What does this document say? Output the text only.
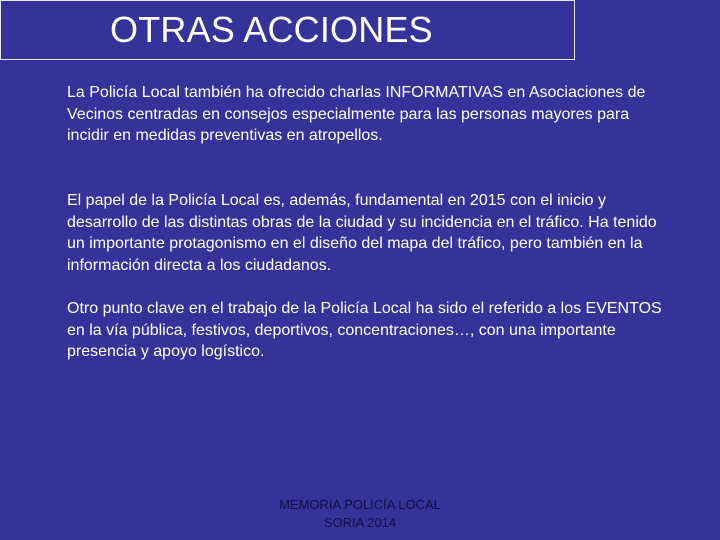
OTRAS ACCIONES

La Policía Local también ha ofrecido charlas INFORMATIVAS en Asociaciones de Vecinos centradas en consejos especialmente para las personas mayores para incidir en medidas preventivas en atropellos.

El papel de la Policía Local es, además, fundamental en 2015 con el inicio y desarrollo de las distintas obras de la ciudad y su incidencia en el tráfico. Ha tenido un importante protagonismo en el diseño del mapa del tráfico, pero también en la información directa a los ciudadanos.

Otro punto clave en el trabajo de la Policía Local ha sido el referido a los EVENTOS en la vía pública, festivos, deportivos, concentraciones…, con una importante presencia y apoyo logístico.

MEMORIA POLICÍA LOCAL
SORIA 2014
